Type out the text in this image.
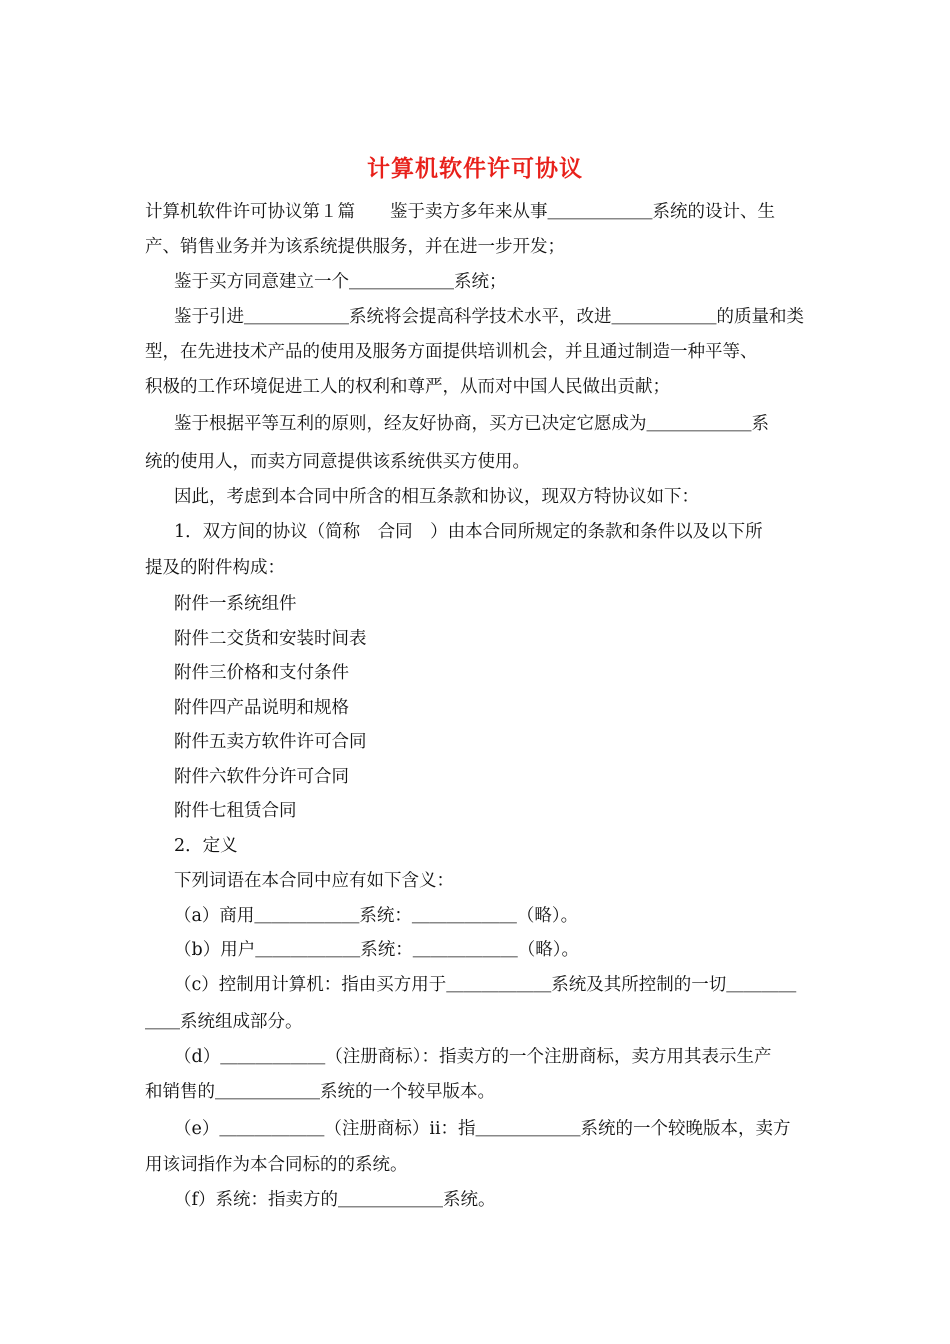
计算机软件许可协议
计算机软件许可协议第１篇　　鉴于卖方多年来从事＿＿＿＿＿＿系统的设计、生
产、销售业务并为该系统提供服务，并在进一步开发；
鉴于买方同意建立一个＿＿＿＿＿＿系统；
鉴于引进＿＿＿＿＿＿系统将会提高科学技术水平，改进＿＿＿＿＿＿的质量和类
型，在先进技术产品的使用及服务方面提供培训机会，并且通过制造一种平等、
积极的工作环境促进工人的权利和尊严，从而对中国人民做出贡献；
鉴于根据平等互利的原则，经友好协商，买方已决定它愿成为＿＿＿＿＿＿系
统的使用人，而卖方同意提供该系统供买方使用。
因此，考虑到本合同中所含的相互条款和协议，现双方特协议如下：
1．双方间的协议（简称　合同　）由本合同所规定的条款和条件以及以下所
提及的附件构成：
附件一系统组件
附件二交货和安装时间表
附件三价格和支付条件
附件四产品说明和规格
附件五卖方软件许可合同
附件六软件分许可合同
附件七租赁合同
2．定义
下列词语在本合同中应有如下含义：
（a）商用＿＿＿＿＿＿系统：＿＿＿＿＿＿（略）。
（b）用户＿＿＿＿＿＿系统：＿＿＿＿＿＿（略）。
（c）控制用计算机：指由买方用于＿＿＿＿＿＿系统及其所控制的一切＿＿＿＿
＿＿系统组成部分。
（d）＿＿＿＿＿＿（注册商标）：指卖方的一个注册商标，卖方用其表示生产
和销售的＿＿＿＿＿＿系统的一个较早版本。
（e）＿＿＿＿＿＿（注册商标）ii：指＿＿＿＿＿＿系统的一个较晚版本，卖方
用该词指作为本合同标的的系统。
（f）系统：指卖方的＿＿＿＿＿＿系统。
